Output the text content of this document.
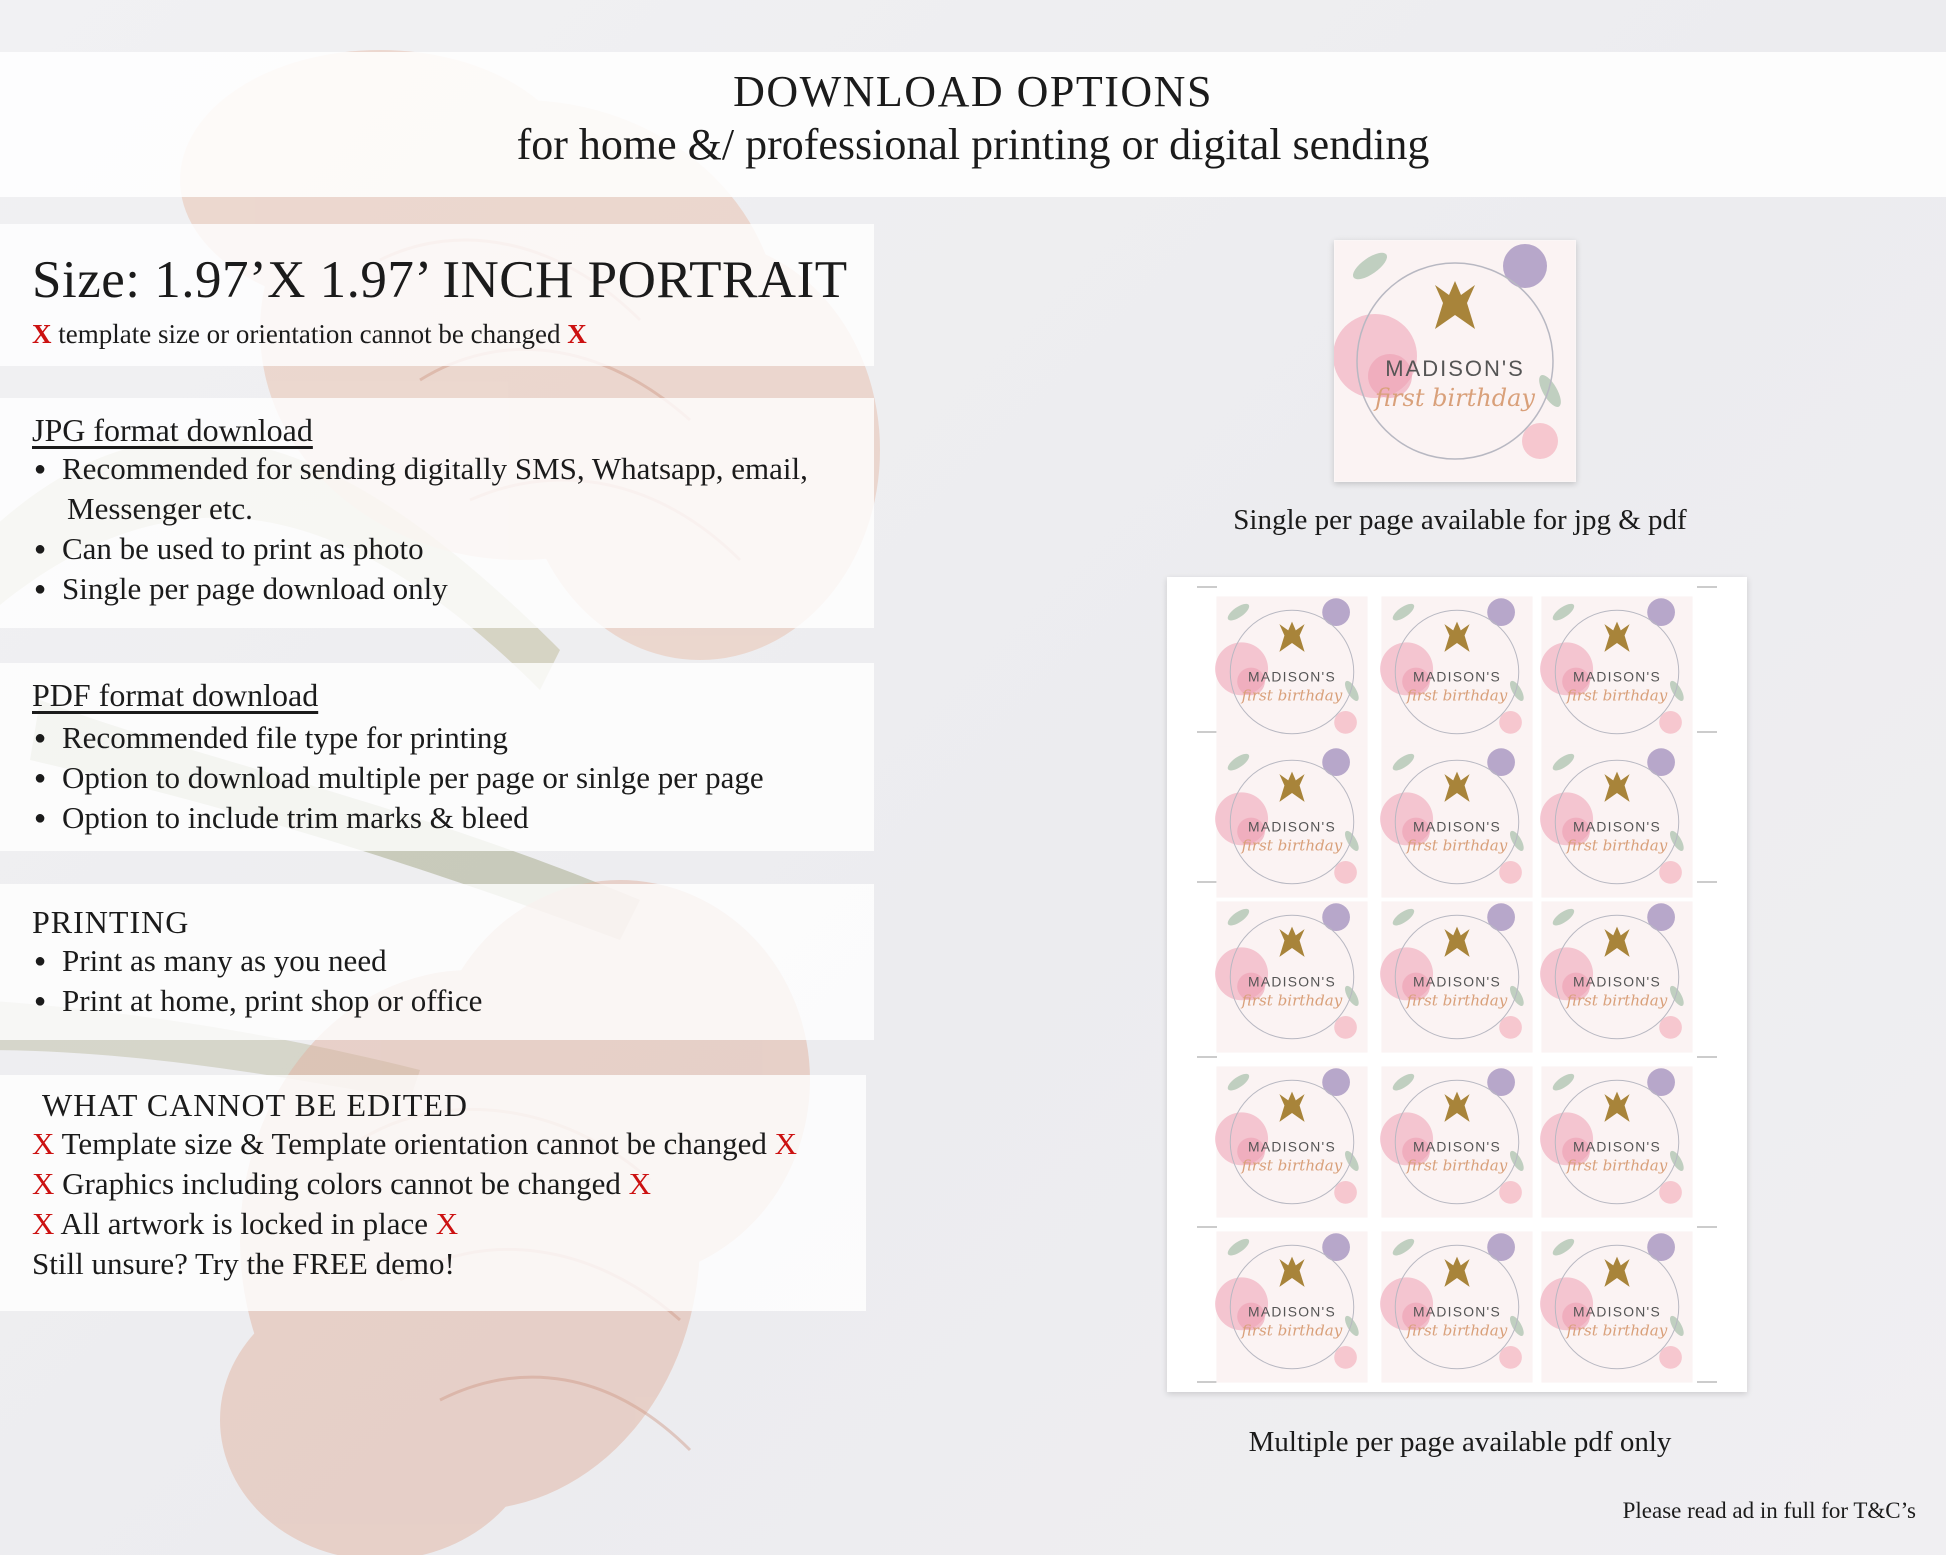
DOWNLOAD OPTIONS
for home &/ professional printing or digital sending
Size: 1.97’X 1.97’ INCH PORTRAIT
X template size or orientation cannot be changed X
JPG format download
● Recommended for sending digitally SMS, Whatsapp, email,
Messenger etc.
● Can be used to print as photo
● Single per page download only
PDF format download
● Recommended file type for printing
● Option to download multiple per page or sinlge per page
● Option to include trim marks & bleed
PRINTING
● Print as many as you need
● Print at home, print shop or office
WHAT CANNOT BE EDITED
X Template size & Template orientation cannot be changed X
X Graphics including colors cannot be changed X
X All artwork is locked in place X
Still unsure? Try the FREE demo!
MADISON'S
first birthday
Single per page available for jpg & pdf
MADISON'S
first birthday
MADISON'S
first birthday
MADISON'S
first birthday
MADISON'S
first birthday
MADISON'S
first birthday
MADISON'S
first birthday
MADISON'S
first birthday
MADISON'S
first birthday
MADISON'S
first birthday
MADISON'S
first birthday
MADISON'S
first birthday
MADISON'S
first birthday
MADISON'S
first birthday
MADISON'S
first birthday
MADISON'S
first birthday
Multiple per page available pdf only
Please read ad in full for T&C’s
